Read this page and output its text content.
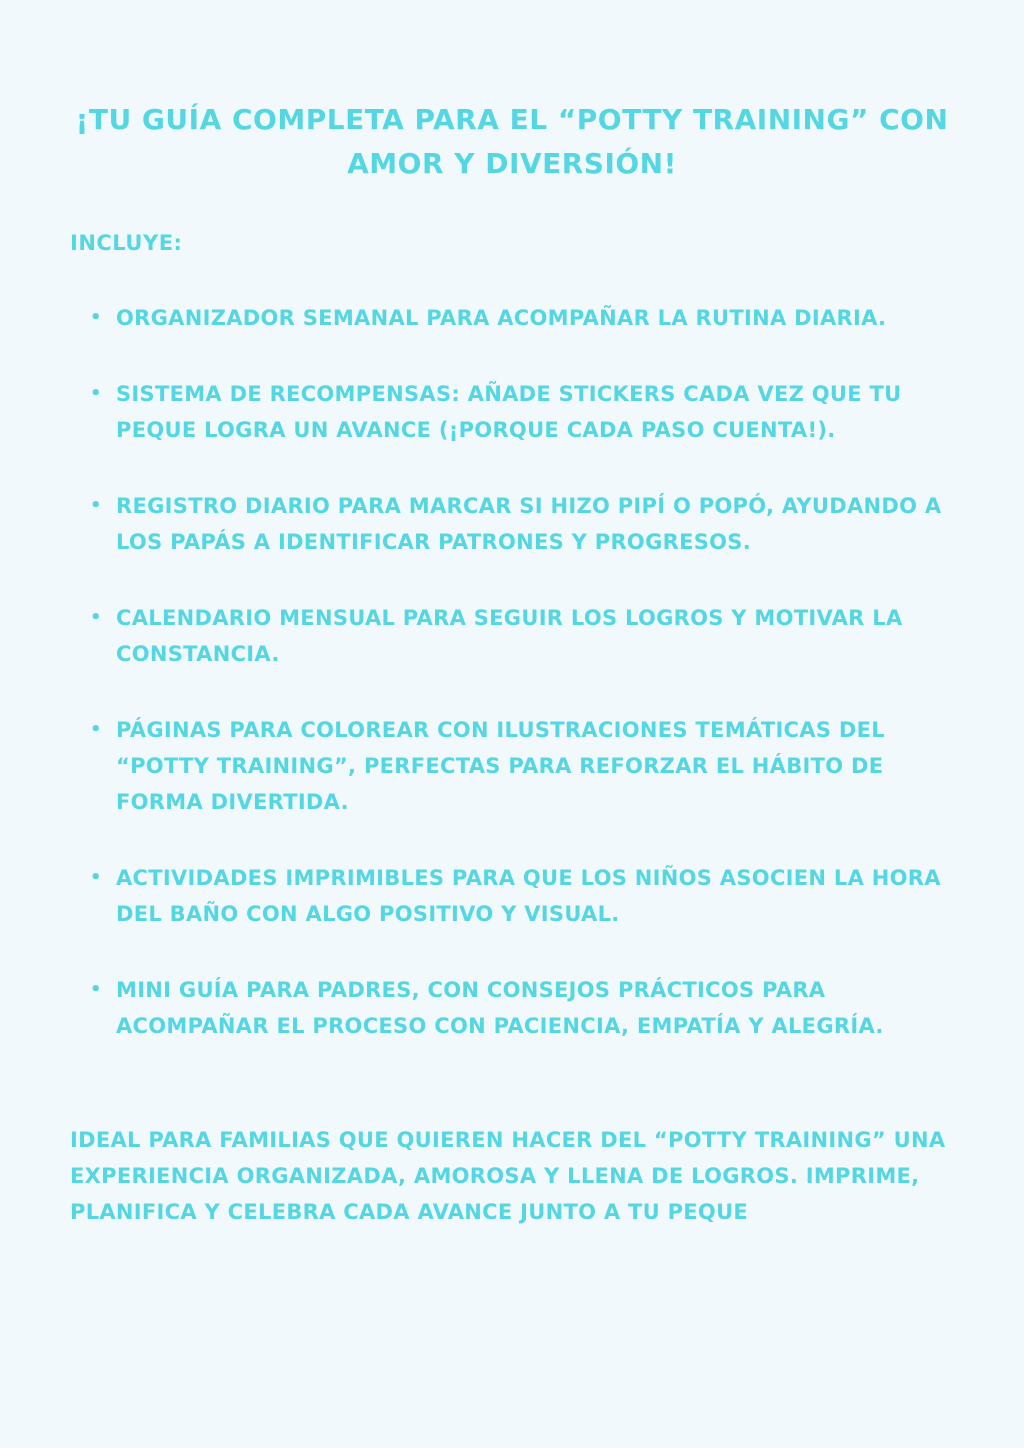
¡TU GUÍA COMPLETA PARA EL “POTTY TRAINING” CON AMOR Y DIVERSIÓN!
INCLUYE:
• ORGANIZADOR SEMANAL PARA ACOMPAÑAR LA RUTINA DIARIA.
• SISTEMA DE RECOMPENSAS: AÑADE STICKERS CADA VEZ QUE TU PEQUE LOGRA UN AVANCE (¡PORQUE CADA PASO CUENTA!).
• REGISTRO DIARIO PARA MARCAR SI HIZO PIPÍ O POPÓ, AYUDANDO A LOS PAPÁS A IDENTIFICAR PATRONES Y PROGRESOS.
• CALENDARIO MENSUAL PARA SEGUIR LOS LOGROS Y MOTIVAR LA CONSTANCIA.
• PÁGINAS PARA COLOREAR CON ILUSTRACIONES TEMÁTICAS DEL “POTTY TRAINING”, PERFECTAS PARA REFORZAR EL HÁBITO DE FORMA DIVERTIDA.
• ACTIVIDADES IMPRIMIBLES PARA QUE LOS NIÑOS ASOCIEN LA HORA DEL BAÑO CON ALGO POSITIVO Y VISUAL.
• MINI GUÍA PARA PADRES, CON CONSEJOS PRÁCTICOS PARA ACOMPAÑAR EL PROCESO CON PACIENCIA, EMPATÍA Y ALEGRÍA.

IDEAL PARA FAMILIAS QUE QUIEREN HACER DEL “POTTY TRAINING” UNA EXPERIENCIA ORGANIZADA, AMOROSA Y LLENA DE LOGROS. IMPRIME, PLANIFICA Y CELEBRA CADA AVANCE JUNTO A TU PEQUE
